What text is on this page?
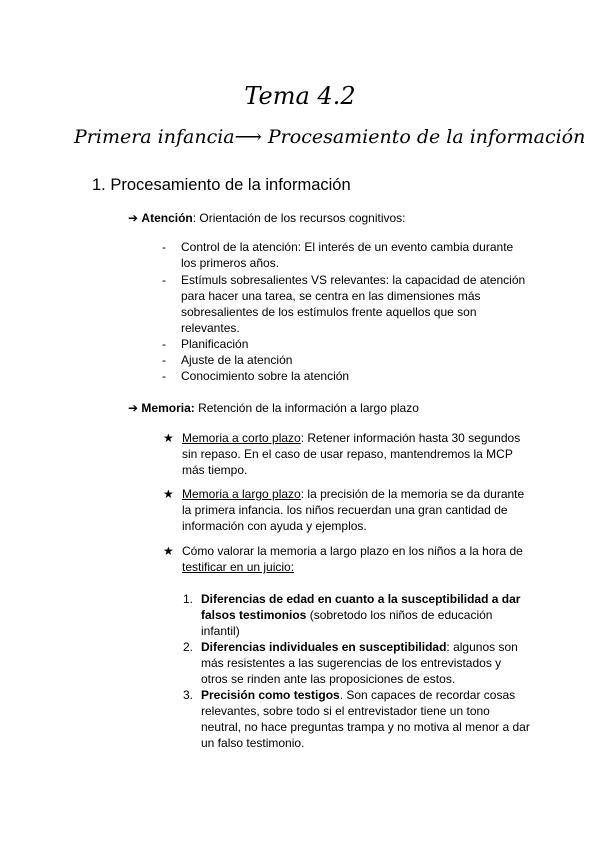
Tema 4.2
Primera infancia⟶ Procesamiento de la información
1. Procesamiento de la información
➔ Atención: Orientación de los recursos cognitivos:
- Control de la atención: El interés de un evento cambia durante los primeros años.
- Estímuls sobresalientes VS relevantes: la capacidad de atención para hacer una tarea, se centra en las dimensiones más sobresalientes de los estímulos frente aquellos que son relevantes.
- Planificación
- Ajuste de la atención
- Conocimiento sobre la atención
➔ Memoria: Retención de la información a largo plazo
★ Memoria a corto plazo: Retener información hasta 30 segundos sin repaso. En el caso de usar repaso, mantendremos la MCP más tiempo.
★ Memoria a largo plazo: la precisión de la memoria se da durante la primera infancia. los niños recuerdan una gran cantidad de información con ayuda y ejemplos.
★ Cómo valorar la memoria a largo plazo en los niños a la hora de testificar en un juicio:
1. Diferencias de edad en cuanto a la susceptibilidad a dar falsos testimonios (sobretodo los niños de educación infantil)
2. Diferencias individuales en susceptibilidad: algunos son más resistentes a las sugerencias de los entrevistados y otros se rinden ante las proposiciones de estos.
3. Precisión como testigos. Son capaces de recordar cosas relevantes, sobre todo si el entrevistador tiene un tono neutral, no hace preguntas trampa y no motiva al menor a dar un falso testimonio.
